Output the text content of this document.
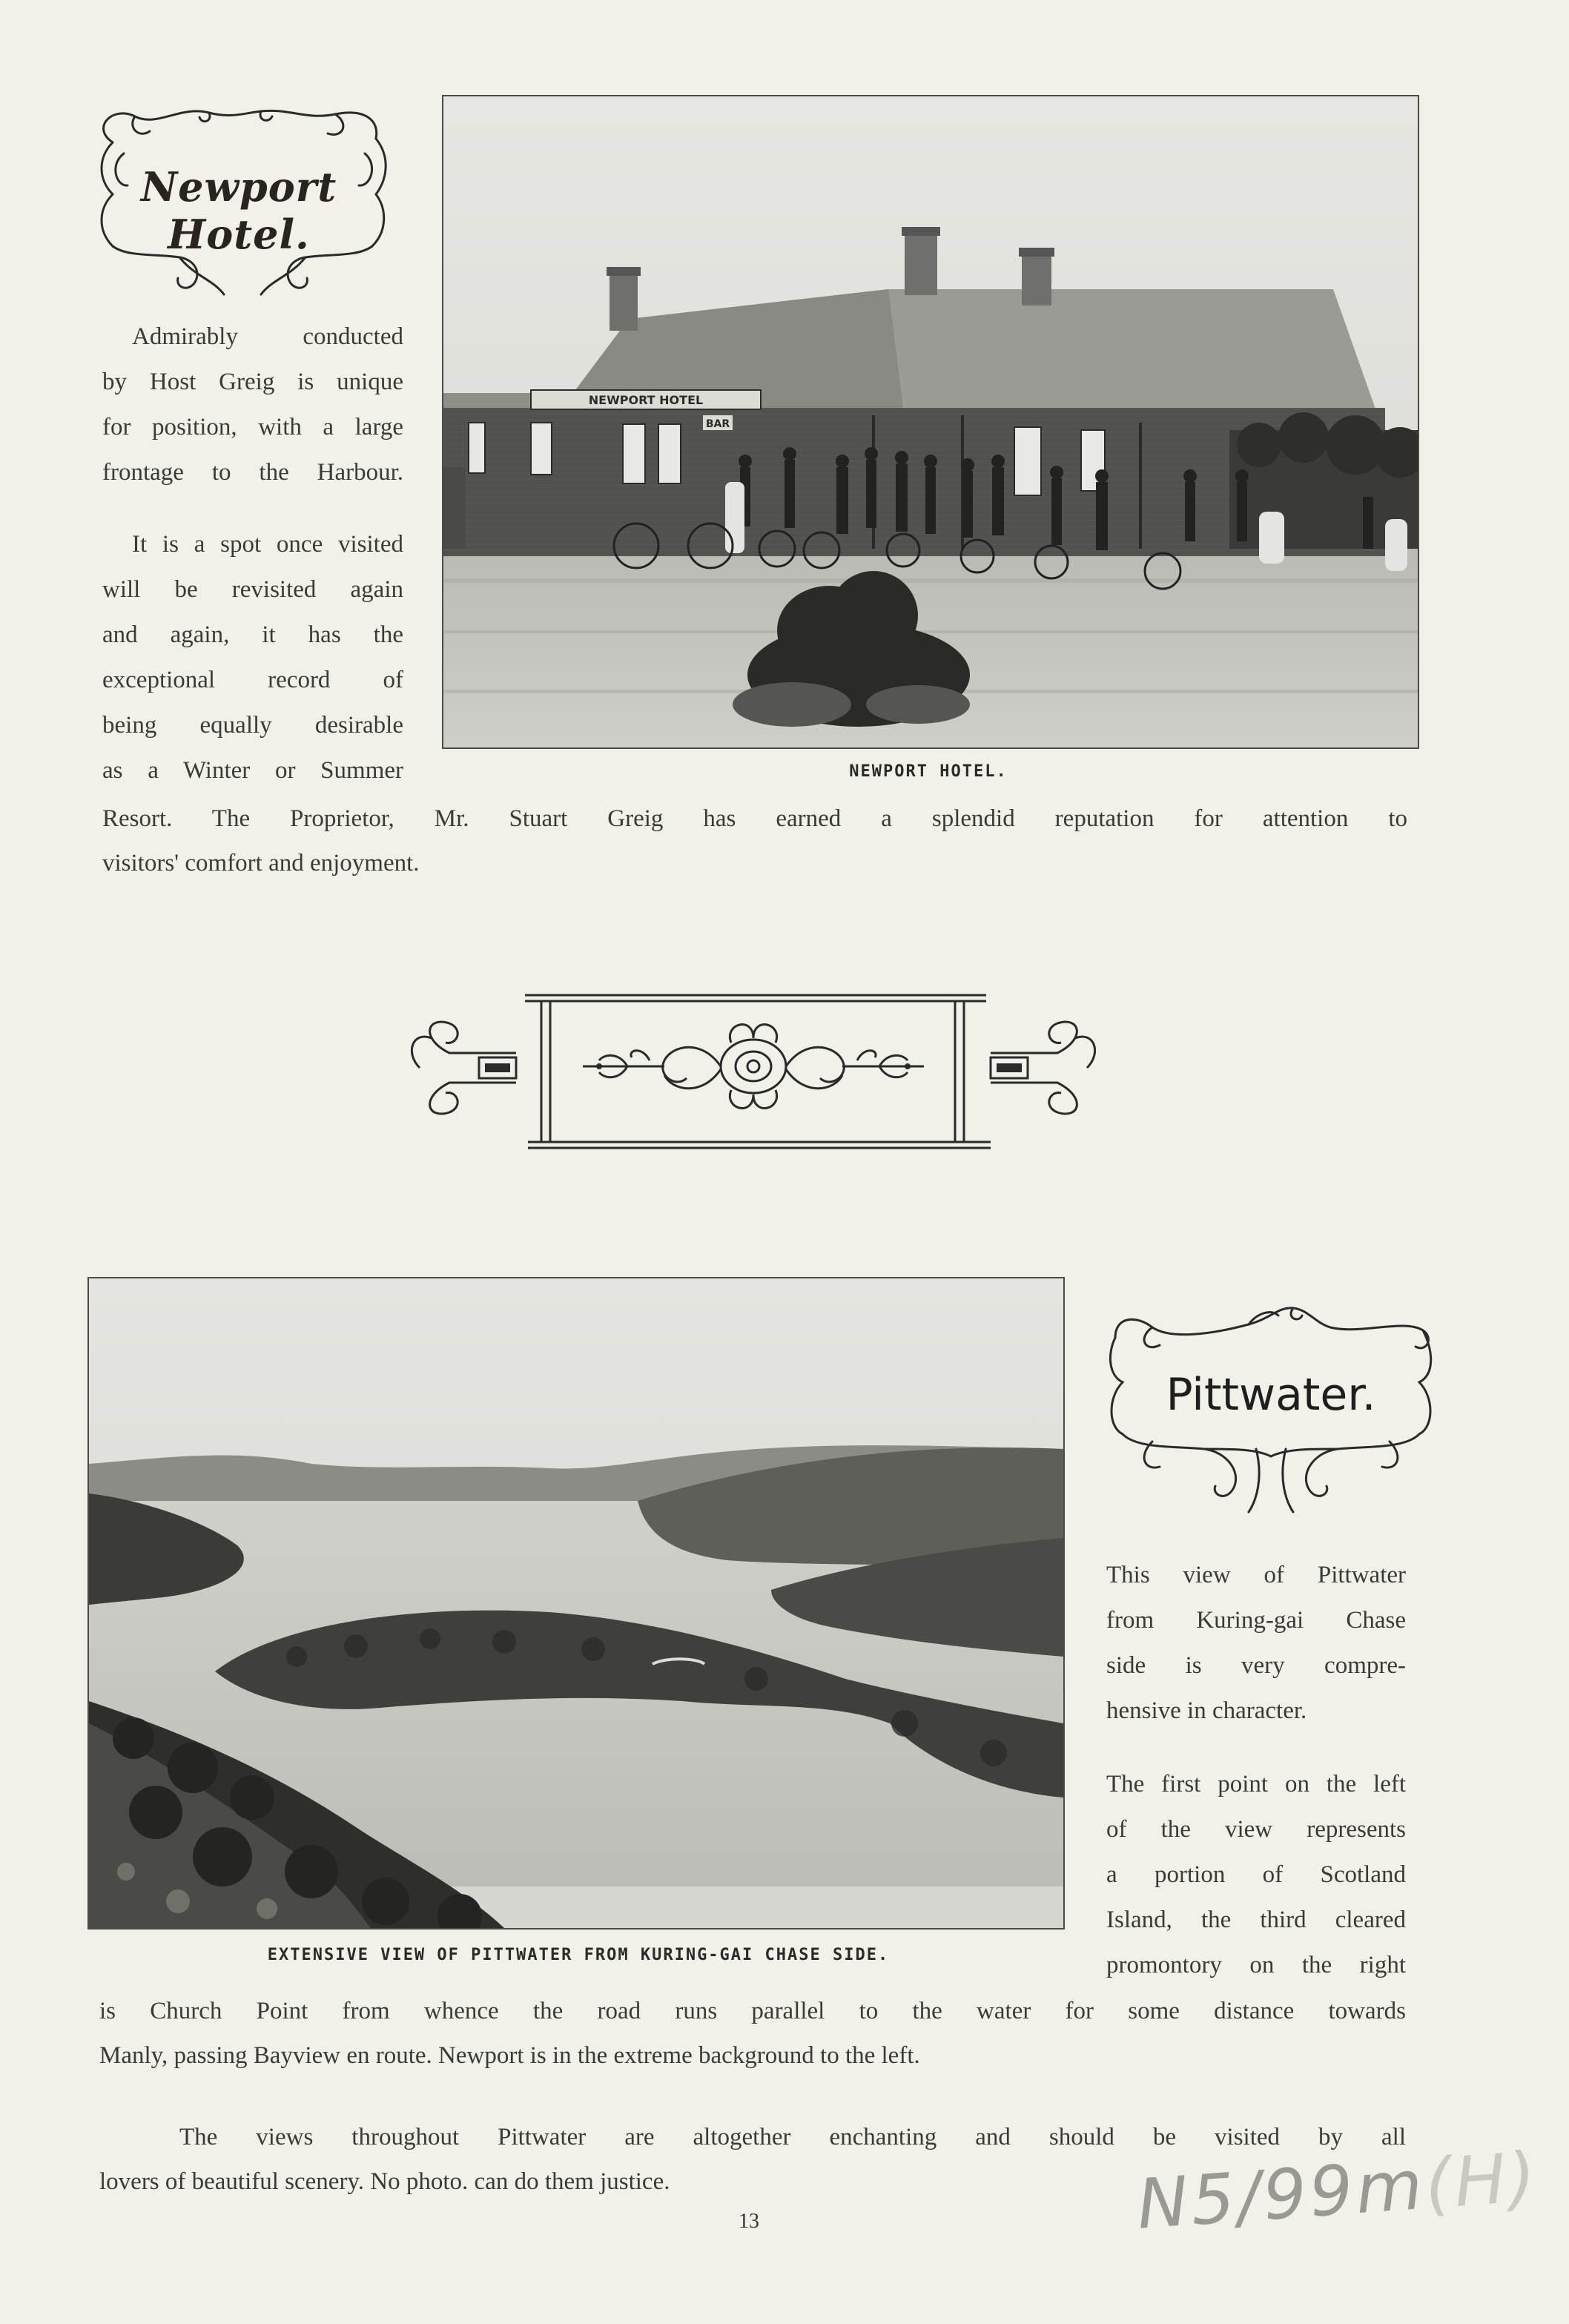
Newport Hotel.

Admirably conducted

by Host Greig is unique

for position, with a large

frontage to the Harbour.

It is a spot once visited

will be revisited again

and again, it has the

exceptional record of

being equally desirable

as a Winter or Summer

Resort. The Proprietor, Mr. Stuart Greig has earned a splendid reputation for attention to
visitors' comfort and enjoyment.
NEWPORT HOTEL
BAR
NEWPORT HOTEL.
EXTENSIVE VIEW OF PITTWATER FROM KURING-GAI CHASE SIDE.
Pittwater.

This view of Pittwater

from Kuring-gai Chase

side is very compre-

hensive in character.

The first point on the left

of the view represents

a portion of Scotland

Island, the third cleared

promontory on the right

is Church Point from whence the road runs parallel to the water for some distance towards
Manly, passing Bayview en route. Newport is in the extreme background to the left.
The views throughout Pittwater are altogether enchanting and should be visited by all
lovers of beautiful scenery. No photo. can do them justice.
13	N5/99m(H)
